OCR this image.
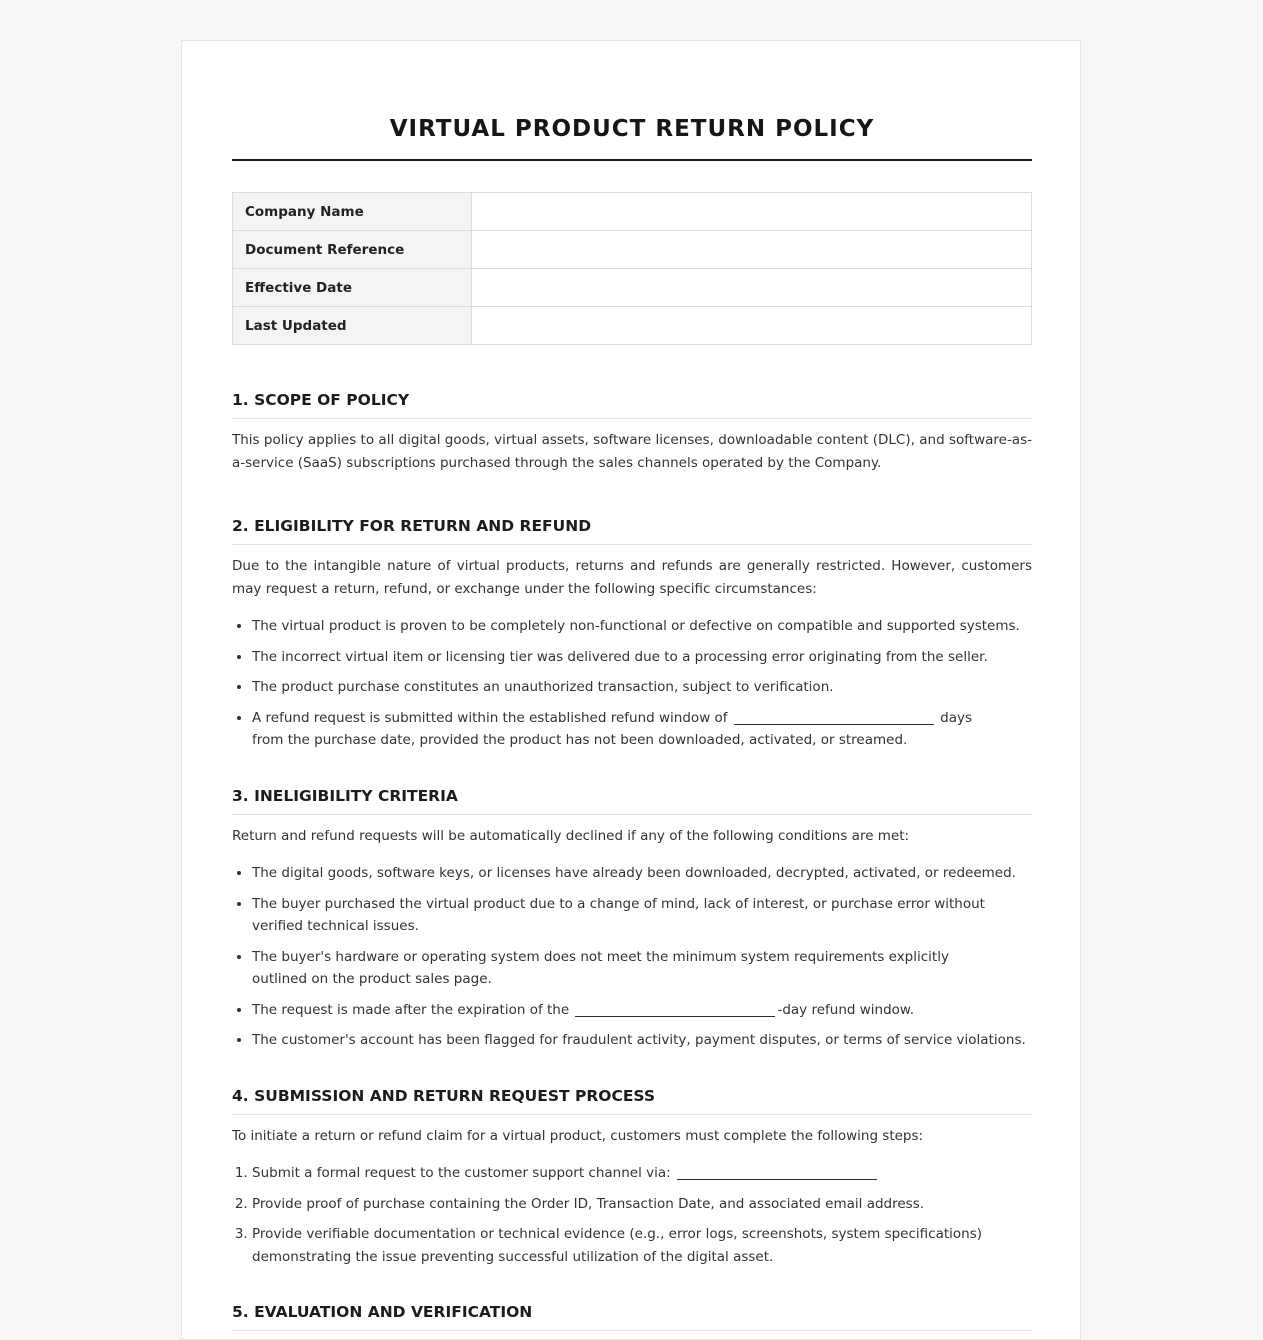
VIRTUAL PRODUCT RETURN POLICY
Company Name	
Document Reference	
Effective Date	
Last Updated	
1. SCOPE OF POLICY

This policy applies to all digital goods, virtual assets, software licenses, downloadable content (DLC), and software-as-a-service (SaaS) subscriptions purchased through the sales channels operated by the Company.

2. ELIGIBILITY FOR RETURN AND REFUND

Due to the intangible nature of virtual products, returns and refunds are generally restricted. However, customers may request a return, refund, or exchange under the following specific circumstances:

• The virtual product is proven to be completely non-functional or defective on compatible and supported systems.
• The incorrect virtual item or licensing tier was delivered due to a processing error originating from the seller.
• The product purchase constitutes an unauthorized transaction, subject to verification.
• A refund request is submitted within the established refund window of	days from the purchase date, provided the product has not been downloaded, activated, or streamed.
3. INELIGIBILITY CRITERIA

Return and refund requests will be automatically declined if any of the following conditions are met:

• The digital goods, software keys, or licenses have already been downloaded, decrypted, activated, or redeemed.
• The buyer purchased the virtual product due to a change of mind, lack of interest, or purchase error without verified technical issues.
• The buyer's hardware or operating system does not meet the minimum system requirements explicitly outlined on the product sales page.
• The request is made after the expiration of the	-day refund window.
• The customer's account has been flagged for fraudulent activity, payment disputes, or terms of service violations.
4. SUBMISSION AND RETURN REQUEST PROCESS

To initiate a return or refund claim for a virtual product, customers must complete the following steps:

1. Submit a formal request to the customer support channel via:
2. Provide proof of purchase containing the Order ID, Transaction Date, and associated email address.
3. Provide verifiable documentation or technical evidence (e.g., error logs, screenshots, system specifications) demonstrating the issue preventing successful utilization of the digital asset.
5. EVALUATION AND VERIFICATION
